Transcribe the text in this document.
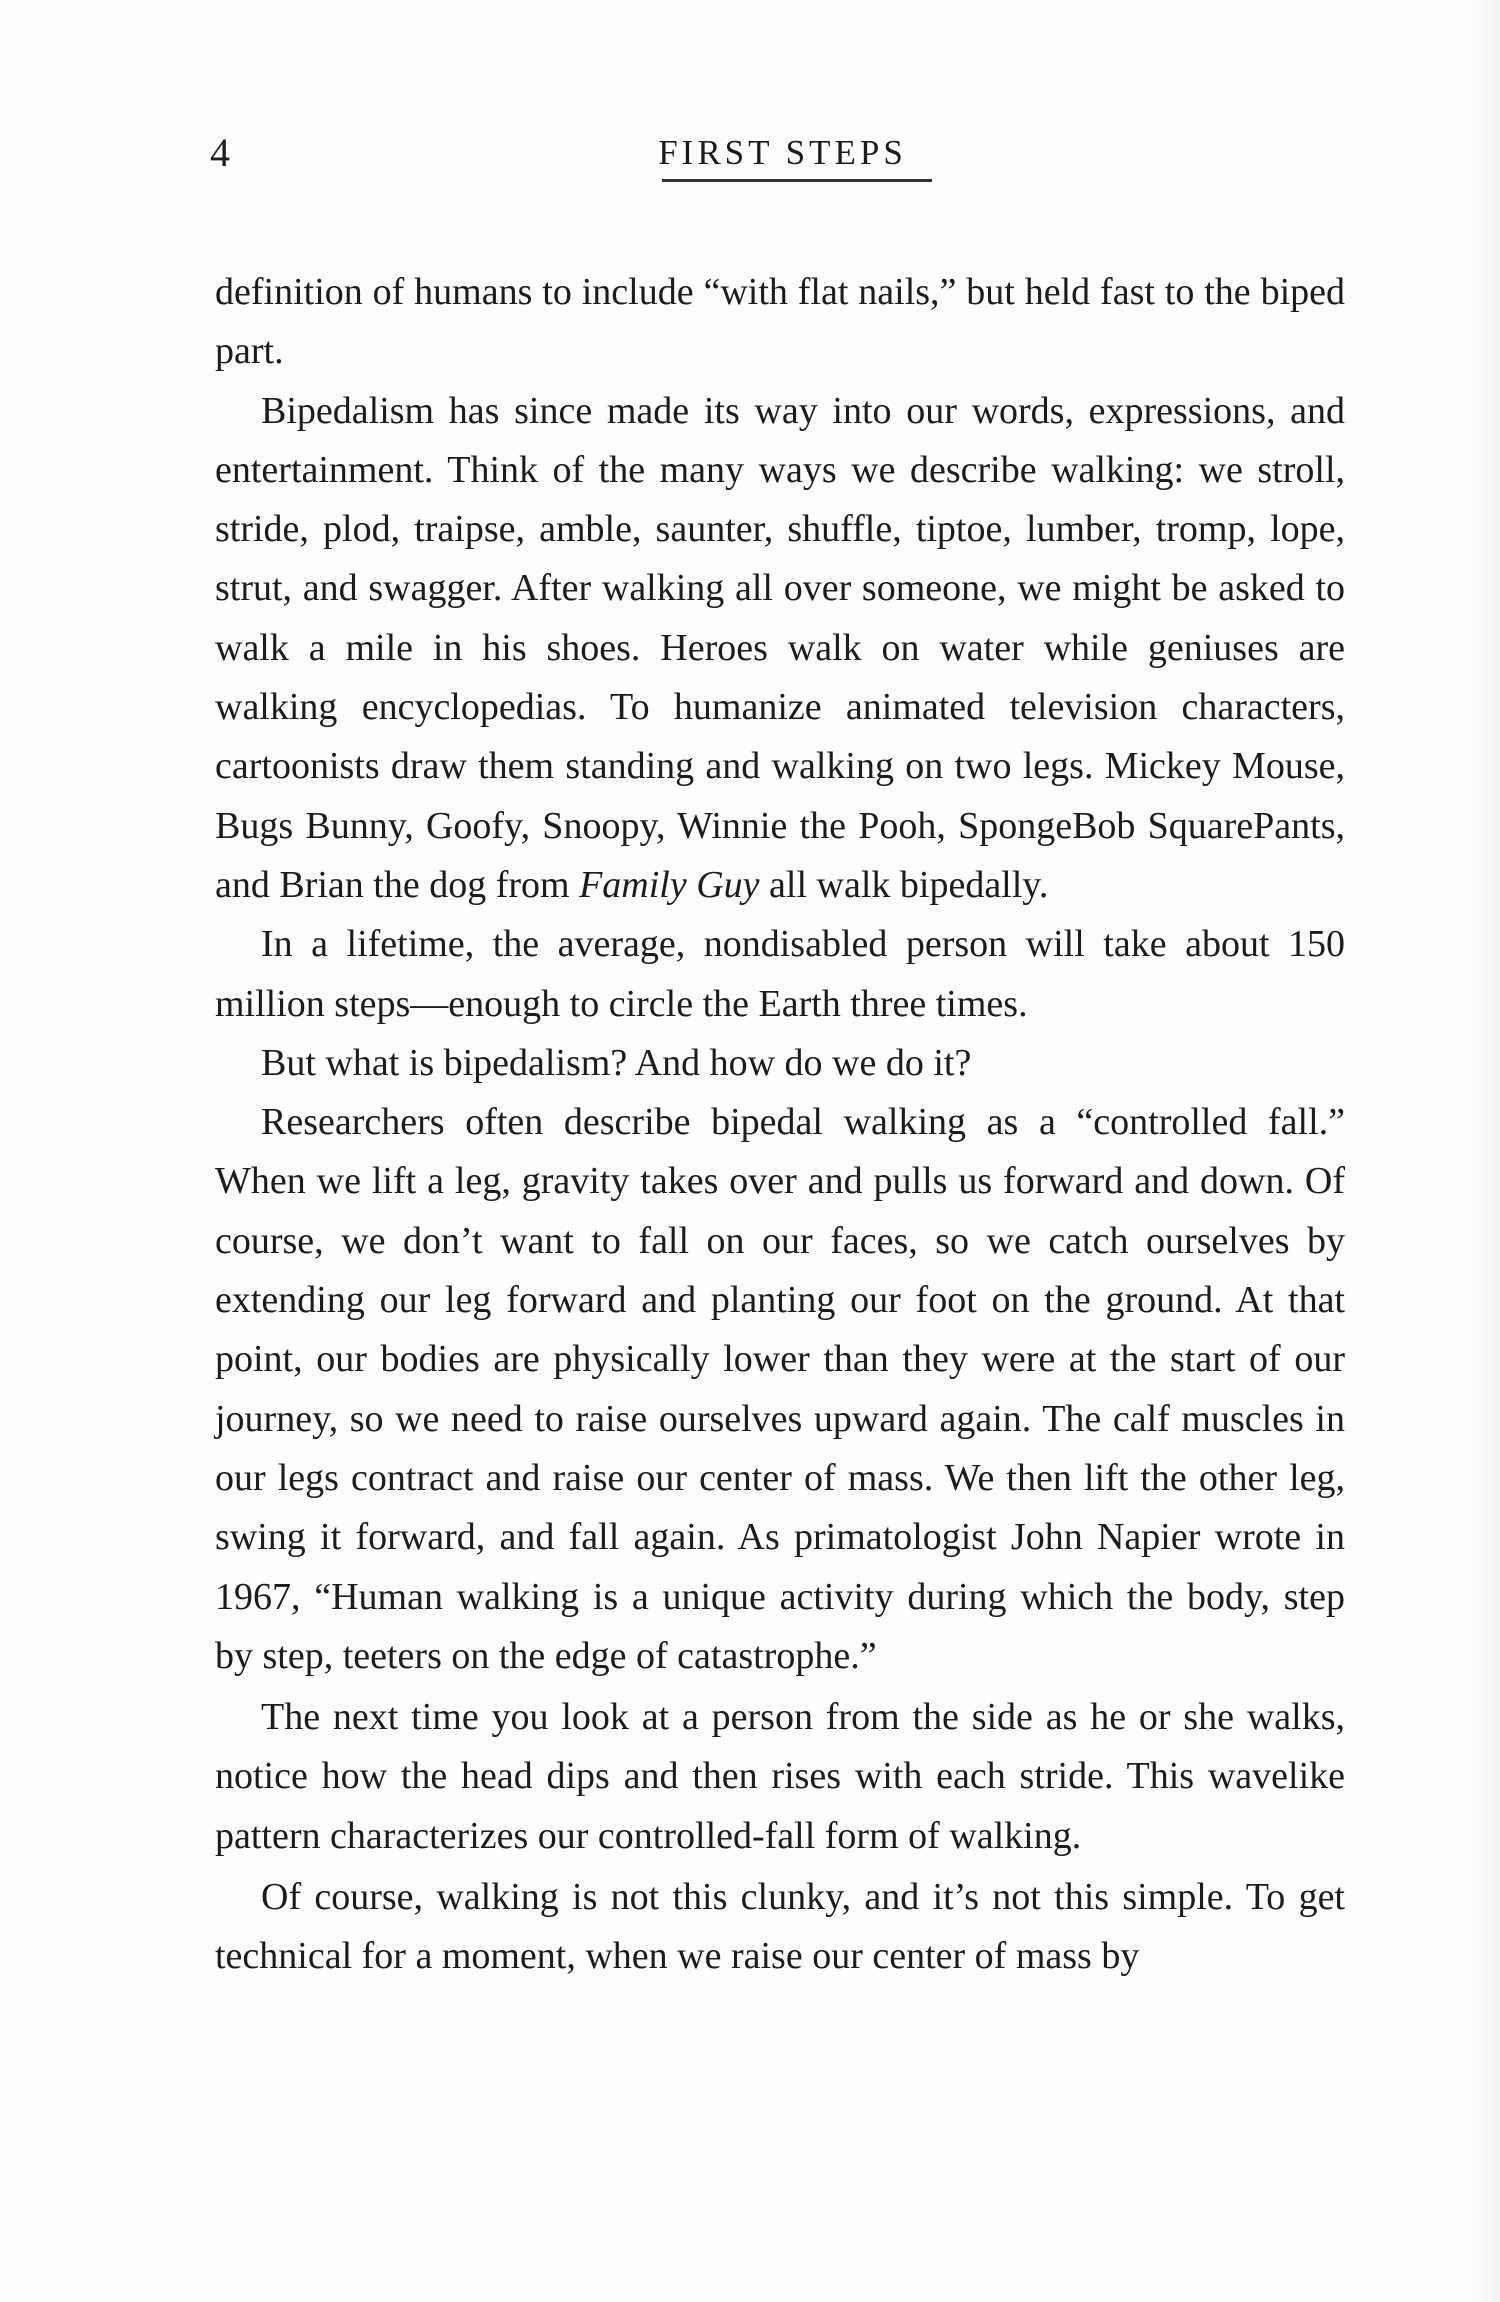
4	FIRST STEPS

definition of humans to include “with flat nails,” but held fast to the biped part.

Bipedalism has since made its way into our words, expressions, and entertainment. Think of the many ways we describe walking: we stroll, stride, plod, traipse, amble, saunter, shuffle, tiptoe, lumber, tromp, lope, strut, and swagger. After walking all over someone, we might be asked to walk a mile in his shoes. Heroes walk on water while geniuses are walking encyclopedias. To humanize animated television characters, cartoonists draw them standing and walking on two legs. Mickey Mouse, Bugs Bunny, Goofy, Snoopy, Winnie the Pooh, SpongeBob SquarePants, and Brian the dog from Family Guy all walk bipedally.

In a lifetime, the average, nondisabled person will take about 150 million steps—enough to circle the Earth three times.

But what is bipedalism? And how do we do it?

Researchers often describe bipedal walking as a “controlled fall.” When we lift a leg, gravity takes over and pulls us forward and down. Of course, we don’t want to fall on our faces, so we catch ourselves by extending our leg forward and planting our foot on the ground. At that point, our bodies are physically lower than they were at the start of our journey, so we need to raise ourselves upward again. The calf muscles in our legs contract and raise our center of mass. We then lift the other leg, swing it forward, and fall again. As primatologist John Napier wrote in 1967, “Human walking is a unique activity during which the body, step by step, teeters on the edge of catastrophe.”

The next time you look at a person from the side as he or she walks, notice how the head dips and then rises with each stride. This wavelike pattern characterizes our controlled-fall form of walking.

Of course, walking is not this clunky, and it’s not this simple. To get technical for a moment, when we raise our center of mass by
